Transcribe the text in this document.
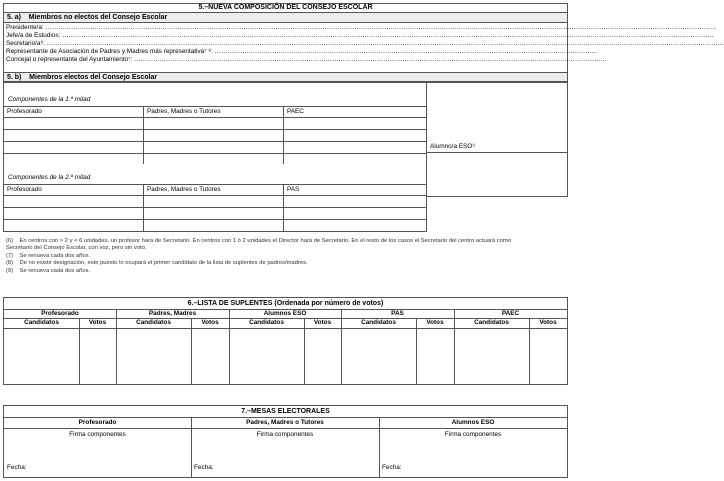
5.–NUEVA COMPOSICIÓN DEL CONSEJO ESCOLAR
5. a)    Miembros no electos del Consejo Escolar
Presidente/a: ………………………………………………………………………………………………………………………………………………………………………………………………………………………………………………………………………………………
Jefe/a de Estudios: ………………………………………………………………………………………………………………………………………………………………………………………………………………………………………………………………………………
Secretario/a⁶: …………………………………………………………………………………………………………………………………………………………………………………………………………………………………………………………………………………………
Representante de Asociación de Padres y Madres más representativa⁷ ⁸: ………………………………………………………………………………………………………………………………………………………………
Concejal o representante del Ayuntamiento⁷: ……………………………………………………………………………………………………………………………………………………………………………………………………
5. b)    Miembros electos del Consejo Escolar
Alumno/a ESO⁹
Componentes de la 1.ª mitad
Profesorado	Padres, Madres o Tutores	PAEC
Componentes de la 2.ª mitad
Profesorado	Padres, Madres o Tutores	PAS
(6)    En centros con > 2 y < 6 unidades, un profesor hará de Secretario. En centros con 1 ó 2 unidades el Director hará de Secretario. En el resto de los casos el Secretario del centro actuará como
Secretario del Consejo Escolar, con voz, pero sin voto.
(7)    Se renueva cada dos años.
(8)    De no existir designación, este puesto lo ocupará el primer candidato de la lista de suplentes de padres/madres.
(9)    Se renueva cada dos años.
6.–LISTA DE SUPLENTES (Ordenada por número de votos)
Profesorado	Padres, Madres	Alumnos ESO	PAS	PAEC
Candidatos	Votos	Candidatos	Votos	Candidatos	Votos	Candidatos	Votos	Candidatos	Votos
7.–MESAS ELECTORALES
Profesorado	Padres, Madres o Tutores	Alumnos ESO
Firma componentes	Firma componentes	Firma componentes
Fecha:	Fecha:	Fecha:
